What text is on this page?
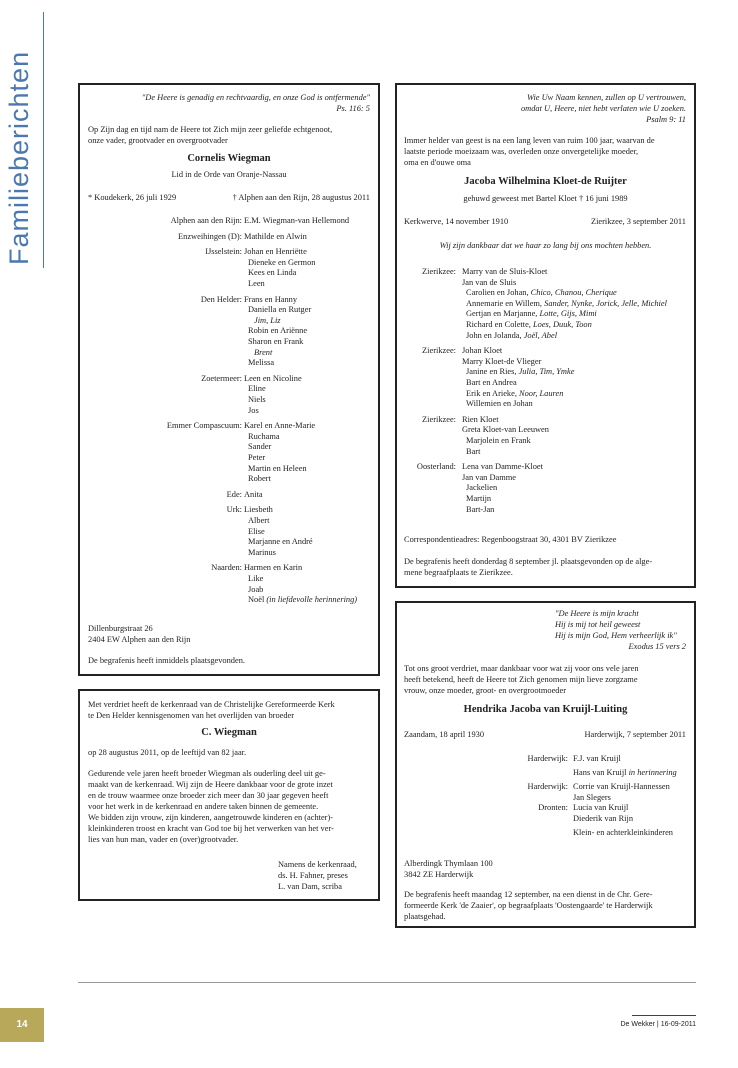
Familieberichten	"De Heere is genadig en rechtvaardig, en onze God is ontfermende"
Ps. 116: 5
Op Zijn dag en tijd nam de Heere tot Zich mijn zeer geliefde echtgenoot,
onze vader, grootvader en overgrootvader
Cornelis Wiegman
Lid in de Orde van Oranje-Nassau
* Koudekerk, 26 juli 1929	† Alphen aan den Rijn, 28 augustus 2011
Dillenburgstraat 26
2404 EW Alphen aan den Rijn
De begrafenis heeft inmiddels plaatsgevonden.
Alphen aan den Rijn: E.M. Wiegman-van Hellemond
Enzweihingen (D): Mathilde en Alwin
IJsselstein: Johan en Henriëtte
Dieneke en Germon
Kees en Linda
Leen
Den Helder: Frans en Hanny
Daniella en Rutger
Jim, Liz
Robin en Ariënne
Sharon en Frank
Brent
Melissa
Zoetermeer: Leen en Nicoline
Eline
Niels
Jos
Emmer Compascuum: Karel en Anne-Marie
Ruchama
Sander
Peter
Martin en Heleen
Robert
Ede: Anita
Urk: Liesbeth
Albert
Elise
Marjanne en André
Marinus
Naarden: Harmen en Karin
Like
Joab
Noël (in liefdevolle herinnering)
Met verdriet heeft de kerkenraad van de Christelijke Gereformeerde Kerk
te Den Helder kennisgenomen van het overlijden van broeder
C. Wiegman
op 28 augustus 2011, op de leeftijd van 82 jaar.
Gedurende vele jaren heeft broeder Wiegman als ouderling deel uit ge-
maakt van de kerkenraad. Wij zijn de Heere dankbaar voor de grote inzet
en de trouw waarmee onze broeder zich meer dan 30 jaar gegeven heeft
voor het werk in de kerkenraad en andere taken binnen de gemeente.
We bidden zijn vrouw, zijn kinderen, aangetrouwde kinderen en (achter)-
kleinkinderen troost en kracht van God toe bij het verwerken van het ver-
lies van hun man, vader en (over)grootvader.
Namens de kerkenraad,
ds. H. Fahner, preses
L. van Dam, scriba
Wie Uw Naam kennen, zullen op U vertrouwen,
omdat U, Heere, niet hebt verlaten wie U zoeken.
Psalm 9: 11
Immer helder van geest is na een lang leven van ruim 100 jaar, waarvan de
laatste periode moeizaam was, overleden onze onvergetelijke moeder,
oma en d'ouwe oma
Jacoba Wilhelmina Kloet-de Ruijter
gehuwd geweest met Bartel Kloet † 16 juni 1989
Kerkwerve, 14 november 1910	Zierikzee, 3 september 2011
Wij zijn dankbaar dat we haar zo lang bij ons mochten hebben.
Correspondentieadres: Regenboogstraat 30, 4301 BV Zierikzee
De begrafenis heeft donderdag 8 september jl. plaatsgevonden op de alge-
mene begraafplaats te Zierikzee.
Zierikzee: Marry van de Sluis-Kloet
Jan van de Sluis
Carolien en Johan, Chico, Chanou, Cherique
Annemarie en Willem, Sander, Nynke, Jorick, Jelle, Michiel
Gertjan en Marjanne, Lotte, Gijs, Mimi
Richard en Colette, Loes, Duuk, Toon
John en Jolanda, Joël, Abel
Zierikzee: Johan Kloet
Marry Kloet-de Vlieger
Janine en Ries, Julia, Tim, Ymke
Bart en Andrea
Erik en Arieke, Noor, Lauren
Willemien en Johan
Zierikzee: Rien Kloet
Greta Kloet-van Leeuwen
Marjolein en Frank
Bart
Oosterland: Lena van Damme-Kloet
Jan van Damme
Jackelien
Martijn
Bart-Jan
"De Heere is mijn kracht
Hij is mij tot heil geweest
Hij is mijn God, Hem verheerlijk ik"
Exodus 15 vers 2
Tot ons groot verdriet, maar dankbaar voor wat zij voor ons vele jaren
heeft betekend, heeft de Heere tot Zich genomen mijn lieve zorgzame
vrouw, onze moeder, groot- en overgrootmoeder
Hendrika Jacoba van Kruijl-Luiting
Zaandam, 18 april 1930	Harderwijk, 7 september 2011
Alberdingk Thymlaan 100
3842 ZE Harderwijk
De begrafenis heeft maandag 12 september, na een dienst in de Chr. Gere-
formeerde Kerk 'de Zaaier', op begraafplaats 'Oostengaarde' te Harderwijk
plaatsgehad.
Harderwijk: F.J. van Kruijl
Hans van Kruijl in herinnering
Harderwijk: Corrie van Kruijl-Hannessen
Jan Slegers
Dronten: Lucia van Kruijl
Diederik van Rijn
Klein- en achterkleinkinderen
14	De Wekker | 16-09-2011
